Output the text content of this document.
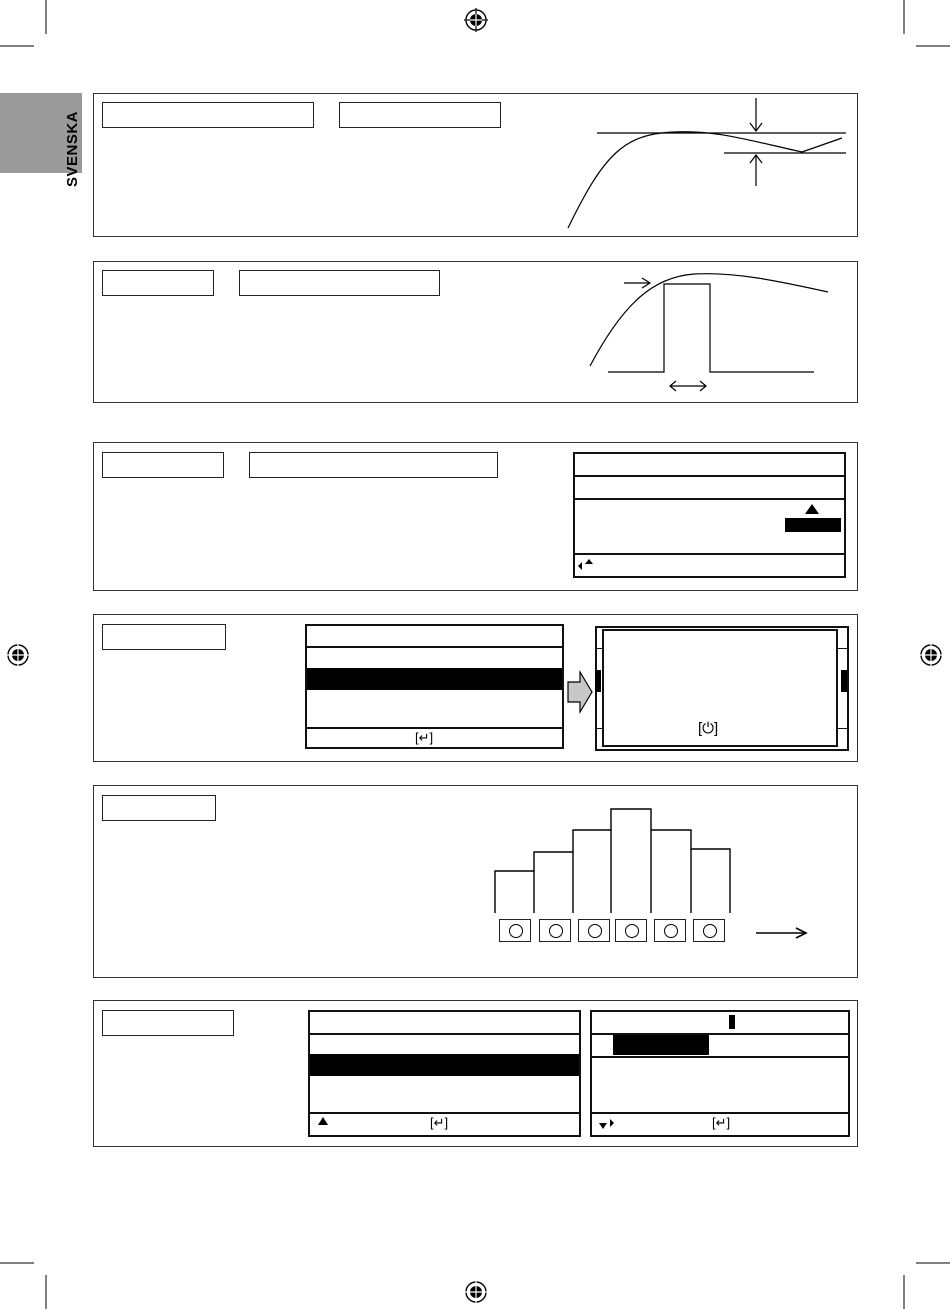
SVENSKA
[↵]
[⏻]
[↵]	[↵]
